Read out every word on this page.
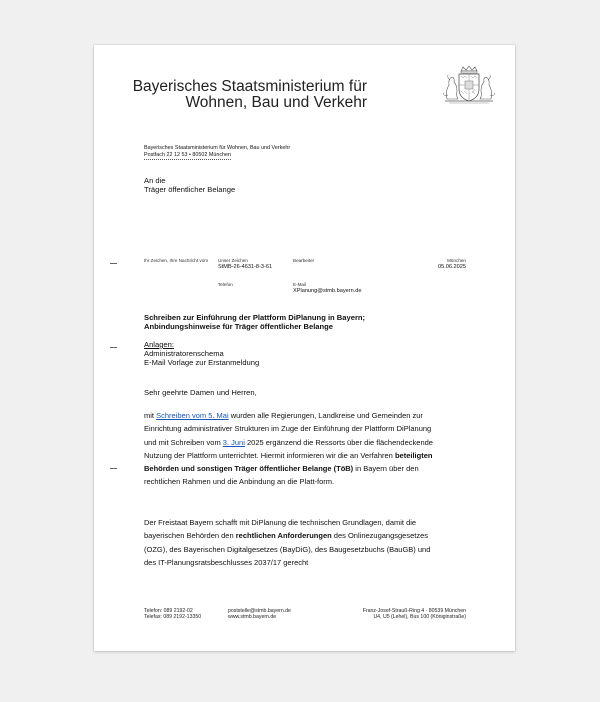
Bayerisches Staatsministerium für
Wohnen, Bau und Verkehr
Bayerisches Staatsministerium für Wohnen, Bau und Verkehr
Postfach 22 12 53 • 80502 München
An die
Träger öffentlicher Belange
Ihr Zeichen, Ihre Nachricht vom Unser Zeichen
StMB-26-4631-8-3-61
Bearbeiter	München
05.06.2025
Telefon	E-Mail
XPlanung@stmb.bayern.de
Schreiben zur Einführung der Plattform DiPlanung in Bayern;
Anbindungshinweise für Träger öffentlicher Belange
Anlagen:
Administratorenschema
E-Mail Vorlage zur Erstanmeldung
Sehr geehrte Damen und Herren,
mit Schreiben vom 5. Mai wurden alle Regierungen, Landkreise und Gemeinden zur Einrichtung administrativer Strukturen im Zuge der Einführung der Plattform DiPlanung und mit Schreiben vom 3. Juni 2025 ergänzend die Ressorts über die flächendeckende Nutzung der Plattform unterrichtet. Hiermit informieren wir die an Verfahren beteiligten Behörden und sonstigen Träger öffentlicher Belange (TöB) in Bayern über den rechtlichen Rahmen und die Anbindung an die Platt-form.
Der Freistaat Bayern schafft mit DiPlanung die technischen Grundlagen, damit die bayerischen Behörden den rechtlichen Anforderungen des Onlinezugangsgesetzes (OZG), des Bayerischen Digitalgesetzes (BayDiG), des Baugesetzbuchs (BauGB) und des IT-Planungsratsbeschlusses 2037/17 gerecht
Telefon: 089 2192-02
Telefax: 089 2192-13350
poststelle@stmb.bayern.de
www.stmb.bayern.de
Franz-Josef-Strauß-Ring 4 · 80539 München
U4, U5 (Lehel), Bus 100 (Königinstraße)
